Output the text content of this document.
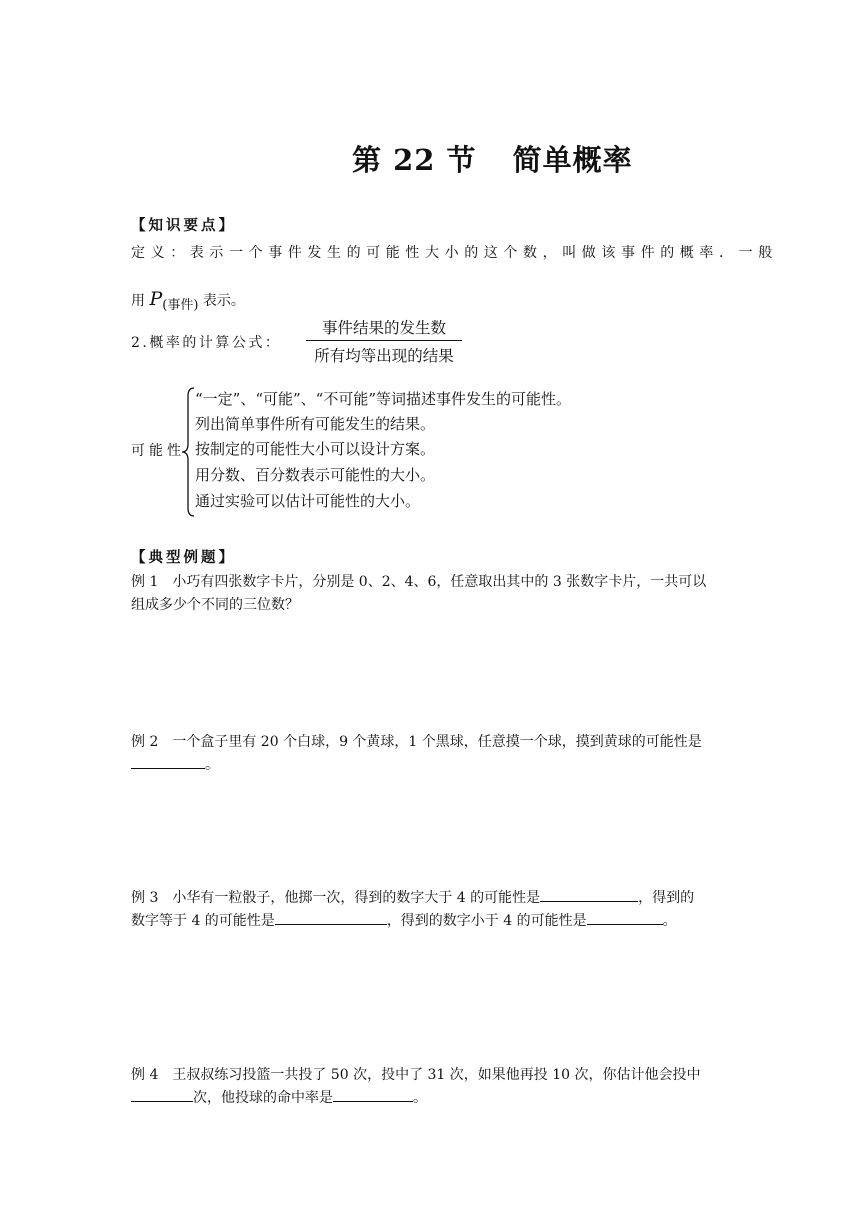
第 22 节 简单概率
【知识要点】
定义：表示一个事件发生的可能性大小的这个数，叫做该事件的概率．一般
用 P(事件) 表示。
2.概率的计算公式：
事件结果的发生数
所有均等出现的结果
可能性
“一定”、“可能”、“不可能”等词描述事件发生的可能性。
列出简单事件所有可能发生的结果。
按制定的可能性大小可以设计方案。
用分数、百分数表示可能性的大小。
通过实验可以估计可能性的大小。
【典型例题】
例 1　小巧有四张数字卡片，分别是 0、2、4、6，任意取出其中的 3 张数字卡片，一共可以
组成多少个不同的三位数？
例 2　一个盒子里有 20 个白球，9 个黄球，1 个黑球，任意摸一个球，摸到黄球的可能性是
。
例 3　小华有一粒骰子，他掷一次，得到的数字大于 4 的可能性是	，得到的
数字等于 4 的可能性是	，得到的数字小于 4 的可能性是	。
例 4　王叔叔练习投篮一共投了 50 次，投中了 31 次，如果他再投 10 次，你估计他会投中
次，他投球的命中率是	。
